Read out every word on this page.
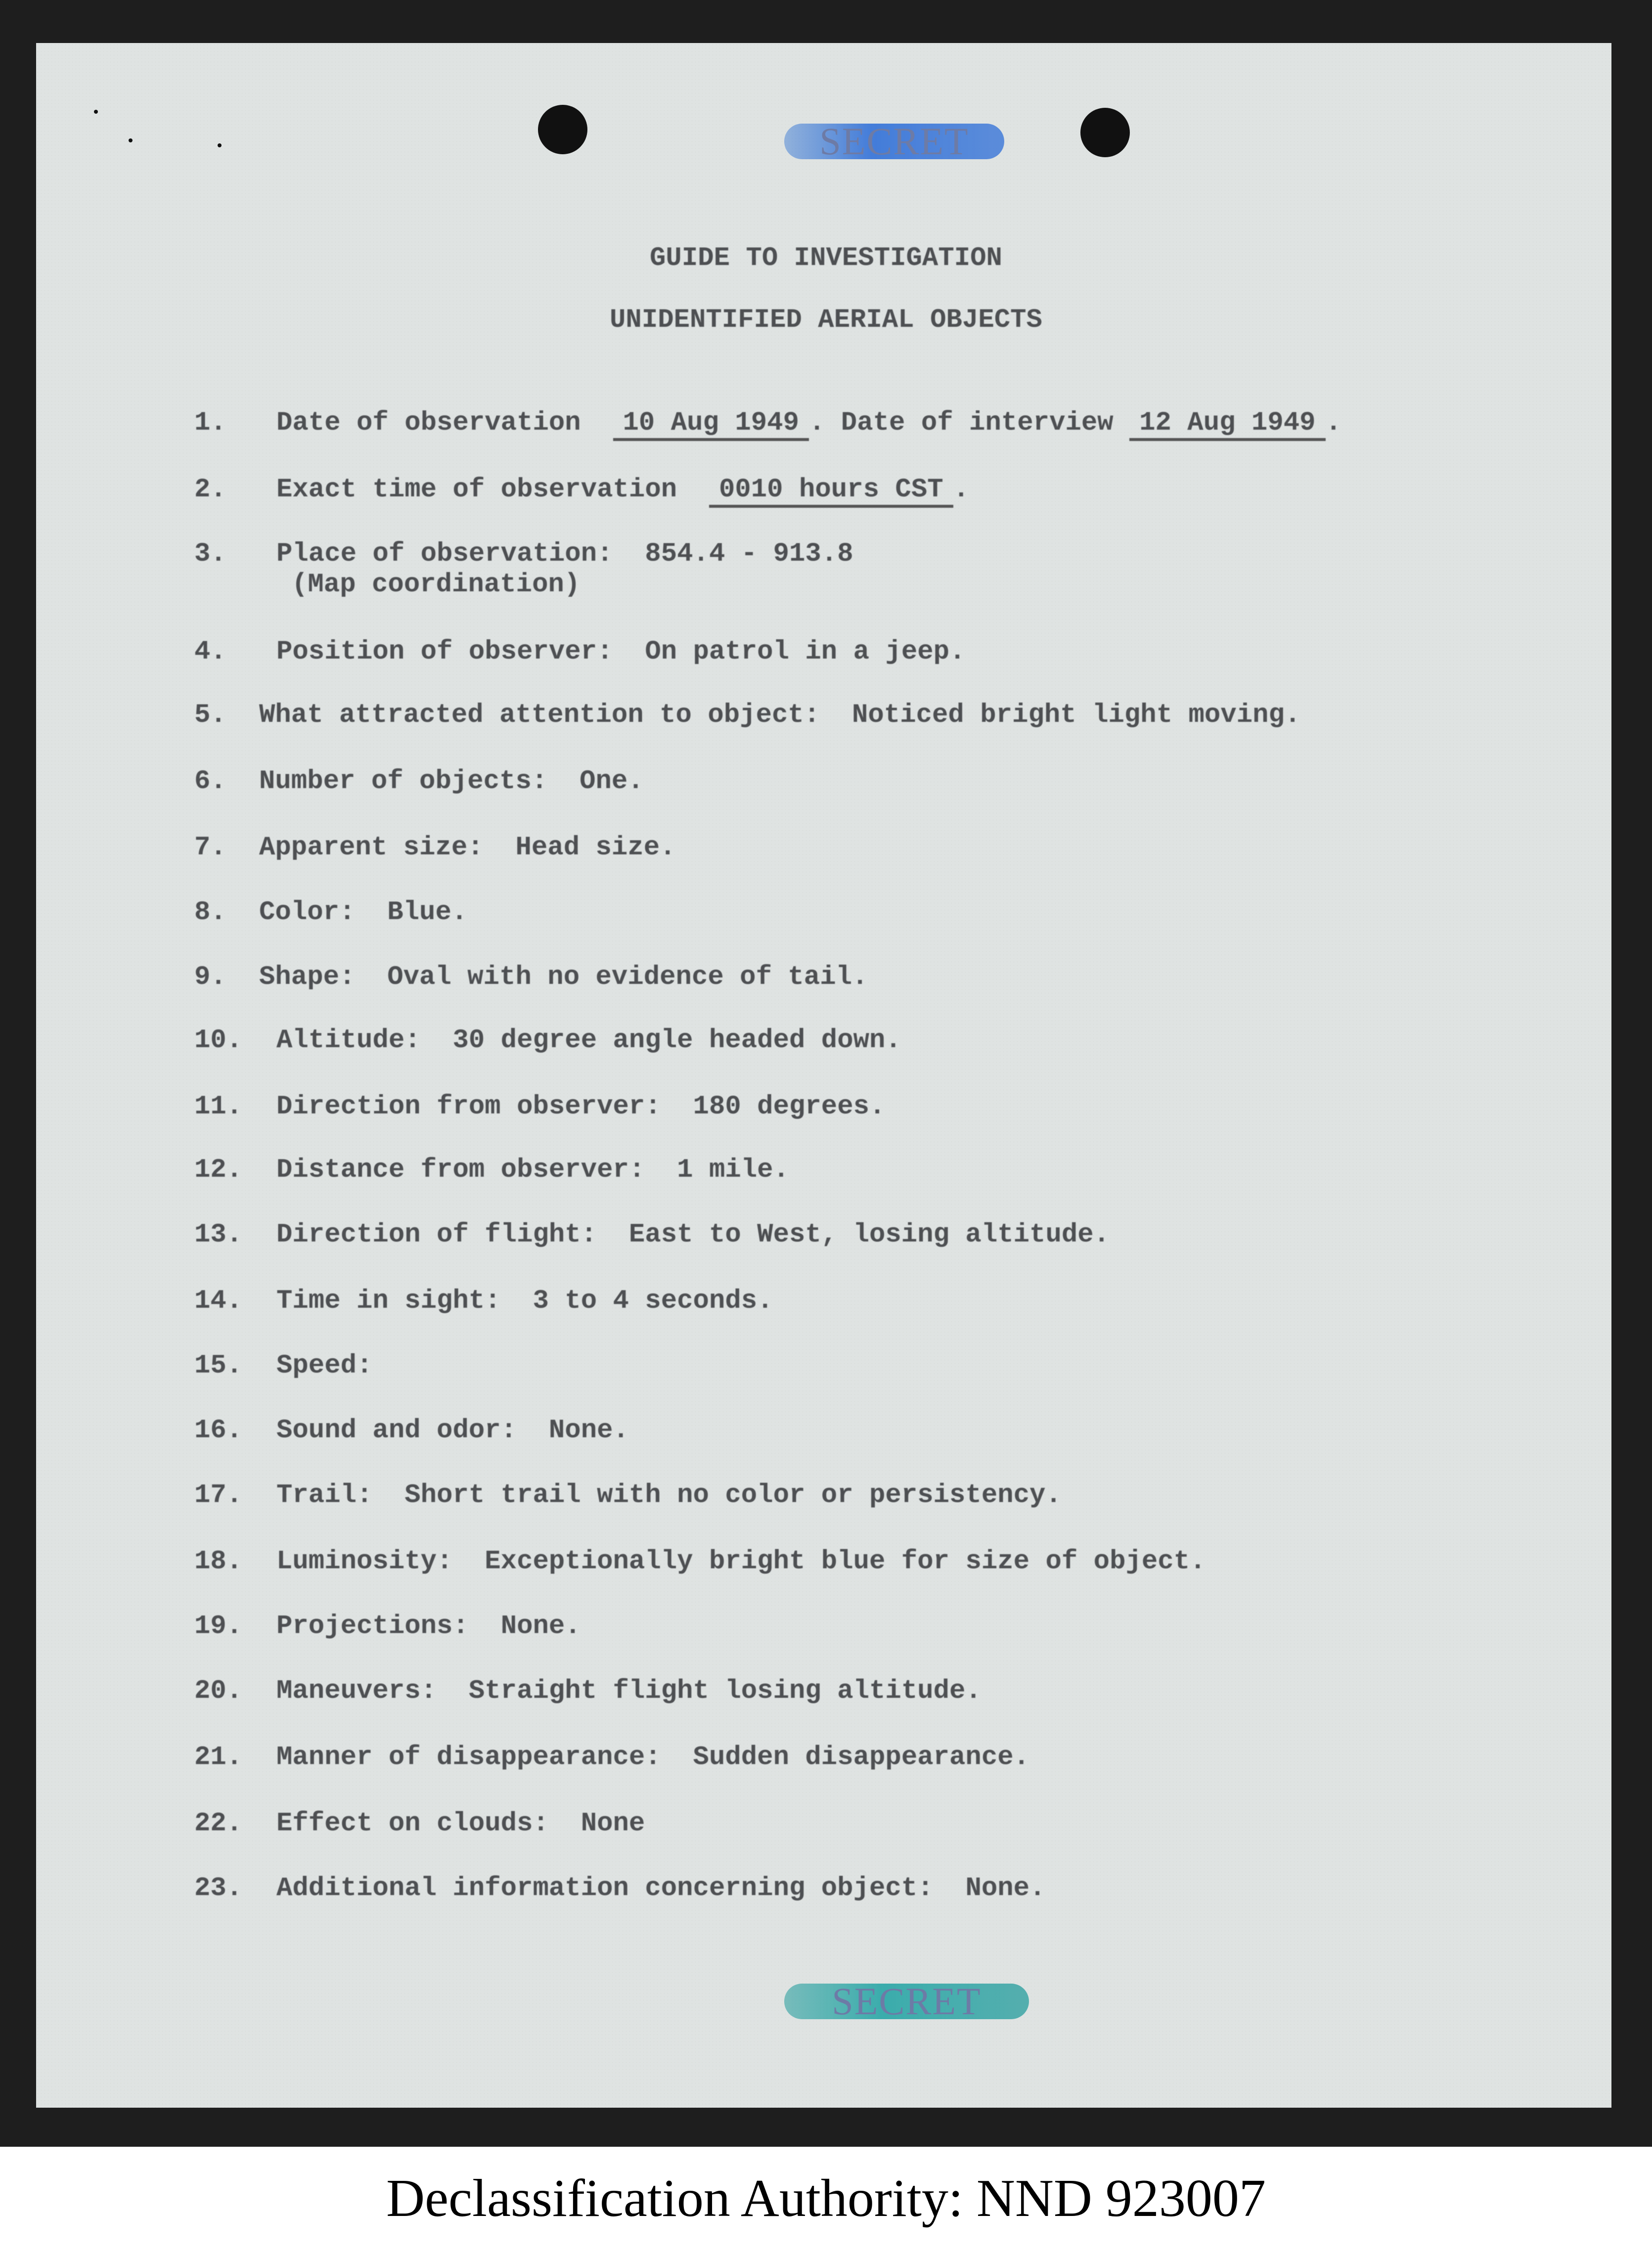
SECRET
GUIDE TO INVESTIGATION
UNIDENTIFIED AERIAL OBJECTS
1. Date of observation 10 Aug 1949 . Date of interview 12 Aug 1949 .
2. Exact time of observation 0010 hours CST .
3. Place of observation: 854.4 - 913.8
(Map coordination)
4. Position of observer: On patrol in a jeep.
5. What attracted attention to object: Noticed bright light moving.
6. Number of objects: One.
7. Apparent size: Head size.
8. Color: Blue.
9. Shape: Oval with no evidence of tail.
10. Altitude: 30 degree angle headed down.
11. Direction from observer: 180 degrees.
12. Distance from observer: 1 mile.
13. Direction of flight: East to West, losing altitude.
14. Time in sight: 3 to 4 seconds.
15. Speed:
16. Sound and odor: None.
17. Trail: Short trail with no color or persistency.
18. Luminosity: Exceptionally bright blue for size of object.
19. Projections: None.
20. Maneuvers: Straight flight losing altitude.
21. Manner of disappearance: Sudden disappearance.
22. Effect on clouds: None
23. Additional information concerning object: None.
SECRET
Declassification Authority: NND 923007
